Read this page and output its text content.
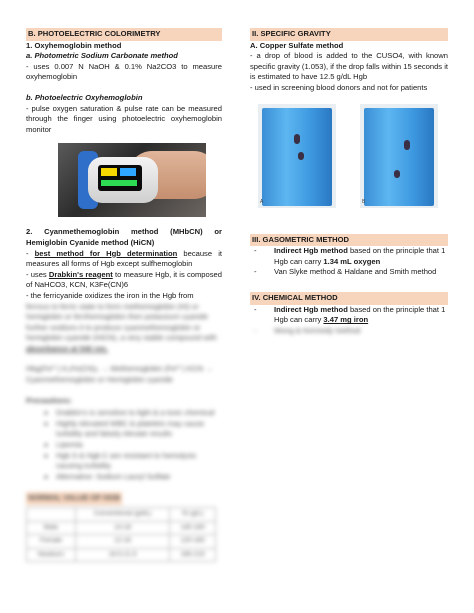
B. PHOTOELECTRIC COLORIMETRY
1. Oxyhemoglobin method
a. Photometric Sodium Carbonate method

- uses 0.007 N NaOH & 0.1% Na2CO3 to measure oxyhemoglobin

b. Photoelectric Oxyhemoglobin

- pulse oxygen saturation & pulse rate can be measured through the finger using photoelectric oxyhemoglobin monitor

2. Cyanmethemoglobin method (MHbCN) or Hemiglobin Cyanide method (HiCN)

- best method for Hgb determination because it measures all forms of Hgb except sulfhemoglobin

- uses Drabkin's reagent to measure Hgb, it is composed of NaHCO3, KCN, K3Fe(CN)6

- the ferricyanide oxidizes the iron in the Hgb from

ferrous to ferric state to form methemoglobin (Hi) or
hemiglobin or ferrihemoglobin then potassium cyanide
further oxidizes it to produce cyanmethemoglobin or
hemiglobin cyanide (HiCN), a very stable compound with
absorbance at 540 nm.
Hbg(Fe²⁺) K₃Fe(CN)₆ → Methemoglobin (Fe³⁺) KCN →
Cyanmethemoglobin or Hemiglobin cyanide
Precautions:
◦ Drabkin's is sensitive to light & a toxic chemical
◦ Highly elevated WBC & platelets may cause turbidity and falsely elevate results
◦ Lipemia
◦ Hgb S & Hgb C are resistant to hemolysis causing turbidity
◦ Alternative: Sodium Lauryl Sulfate
NORMAL VALUE OF HGB
	Conventional (g/dL)	SI (g/L)
Male	14-18	140-180
Female	12-16	120-160
Newborn	16.5-21.5	165-215
II. SPECIFIC GRAVITY
A. Copper Sulfate method

- a drop of blood is added to the CUSO4, with known specific gravity (1.053), if the drop falls within 15 seconds it is estimated to have 12.5 g/dL Hgb

- used in screening blood donors and not for patients

A	B
III. GASOMETRIC METHOD
-	Indirect Hgb method based on the principle that 1 Hgb can carry 1.34 mL oxygen
-	Van Slyke method & Haldane and Smith method
IV. CHEMICAL METHOD
-	Indirect Hgb method based on the principle that 1 Hgb can carry 3.47 mg iron
-	Wong & Kennedy method
